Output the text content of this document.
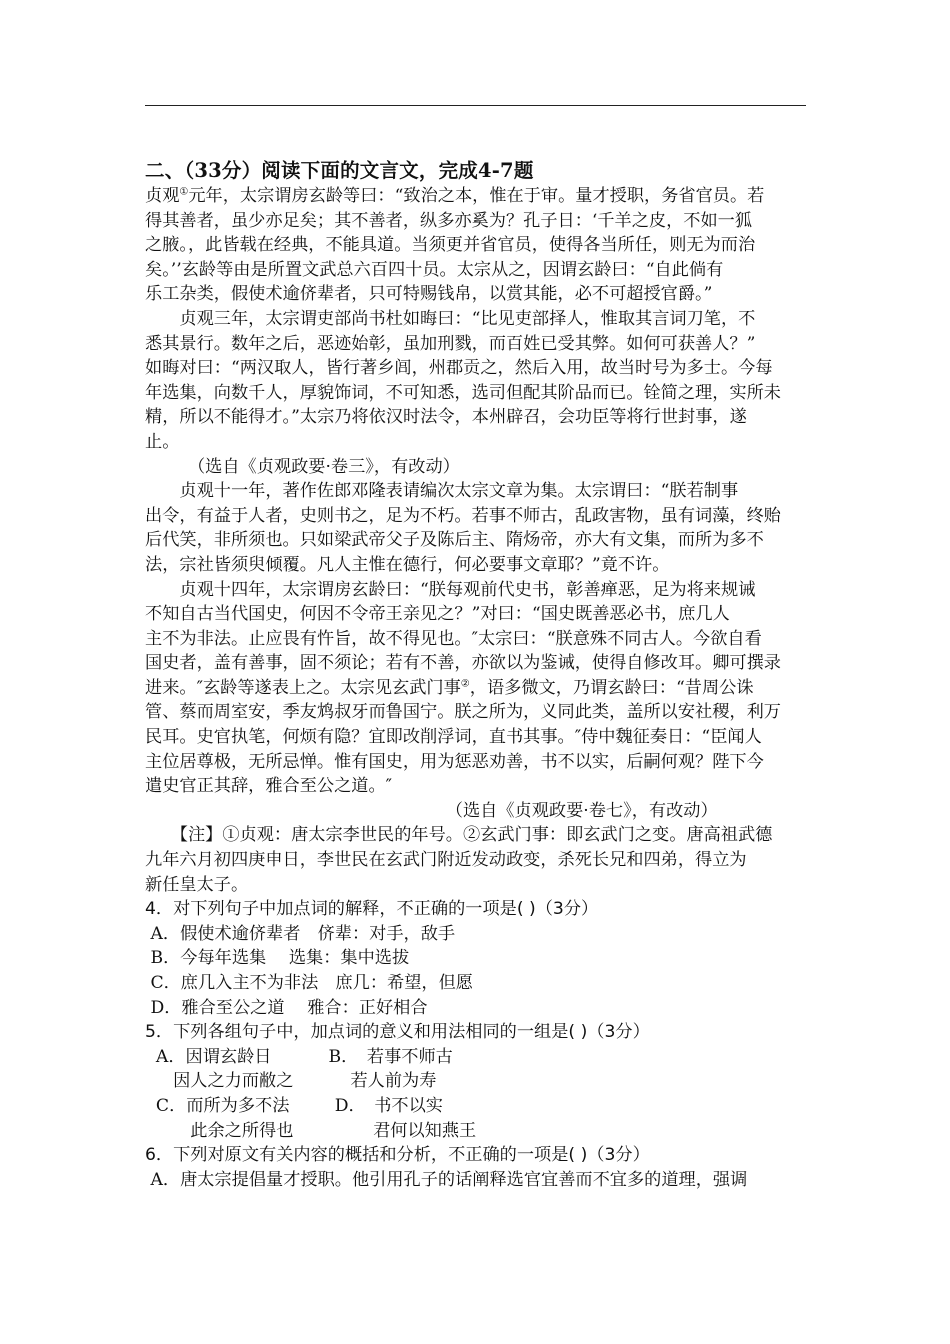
二、（33分）阅读下面的文言文，完成4-7题
贞观①元年，太宗谓房玄龄等曰：“致治之本，惟在于审。量才授职，务省官员。若
得其善者，虽少亦足矣；其不善者，纵多亦奚为？孔子日：‘千羊之皮，不如一狐
之腋。，此皆载在经典，不能具道。当须更并省官员，使得各当所任，则无为而治
矣。’’玄龄等由是所置文武总六百四十员。太宗从之，因谓玄龄曰：“自此倘有
乐工杂类，假使术逾侪辈者，只可特赐钱帛，以赏其能，必不可超授官爵。”
　　贞观三年，太宗谓吏部尚书杜如晦曰：“比见吏部择人，惟取其言词刀笔，不
悉其景行。数年之后，恶迹始彰，虽加刑戮，而百姓已受其弊。如何可获善人？”
如晦对曰：“两汉取人，皆行著乡闾，州郡贡之，然后入用，故当时号为多士。今每
年选集，向数千人，厚貌饰词，不可知悉，选司但配其阶品而已。铨简之理，实所未
精，所以不能得才。”太宗乃将依汉时法令，本州辟召，会功臣等将行世封事，遂
止。
　　　（选自《贞观政要·卷三》，有改动）
　　贞观十一年，著作佐郎邓隆表请编次太宗文章为集。太宗谓曰：“朕若制事
出令，有益于人者，史则书之，足为不朽。若事不师古，乱政害物，虽有词藻，终贻
后代笑，非所须也。只如梁武帝父子及陈后主、隋炀帝，亦大有文集，而所为多不
法，宗社皆须臾倾覆。凡人主惟在德行，何必要事文章耶？”竟不许。
　　贞观十四年，太宗谓房玄龄曰：“朕每观前代史书，彰善瘅恶，足为将来规诫
不知自古当代国史，何因不令帝王亲见之？”对曰：“国史既善恶必书，庶几人
主不为非法。止应畏有忤旨，故不得见也。″太宗曰：“朕意殊不同古人。今欲自看
国史者，盖有善事，固不须论；若有不善，亦欲以为鉴诫，使得自修改耳。卿可撰录
进来。″玄龄等遂表上之。太宗见玄武门事②，语多微文，乃谓玄龄曰：“昔周公诛
管、蔡而周室安，季友鸩叔牙而鲁国宁。朕之所为，义同此类，盖所以安社稷，利万
民耳。史官执笔，何烦有隐？宜即改削浮词，直书其事。″侍中魏征奏日：“臣闻人
主位居尊极，无所忌惮。惟有国史，用为惩恶劝善，书不以实，后嗣何观？陛下今
遣史官正其辞，雅合至公之道。″
　　　　　　　　　　　　　　　　　　（选自《贞观政要·卷七》，有改动）
　　【注】①贞观：唐太宗李世民的年号。②玄武门事：即玄武门之变。唐高祖武德
九年六月初四庚申日，李世民在玄武门附近发动政变，杀死长兄和四弟，得立为
新任皇太子。
4．对下列句子中加点词的解释，不正确的一项是( )（3分）
A．假使术逾侪辈者　侪辈：对手，敌手
B．今每年选集　 选集：集中选拔
C．庶几入主不为非法　庶几：希望，但愿
D．雅合至公之道　 雅合：正好相合
5．下列各组句子中，加点词的意义和用法相同的一组是( )（3分）
A．因谓玄龄日　　　 B．　若事不师古
　  因人之力而敝之　　　 若人前为寿
C．而所为多不法　　  D．　书不以实
　　  此余之所得也　　　　  君何以知燕王
6．下列对原文有关内容的概括和分析，不正确的一项是( )（3分）
A．唐太宗提倡量才授职。他引用孔子的话阐释选官宜善而不宜多的道理，强调
